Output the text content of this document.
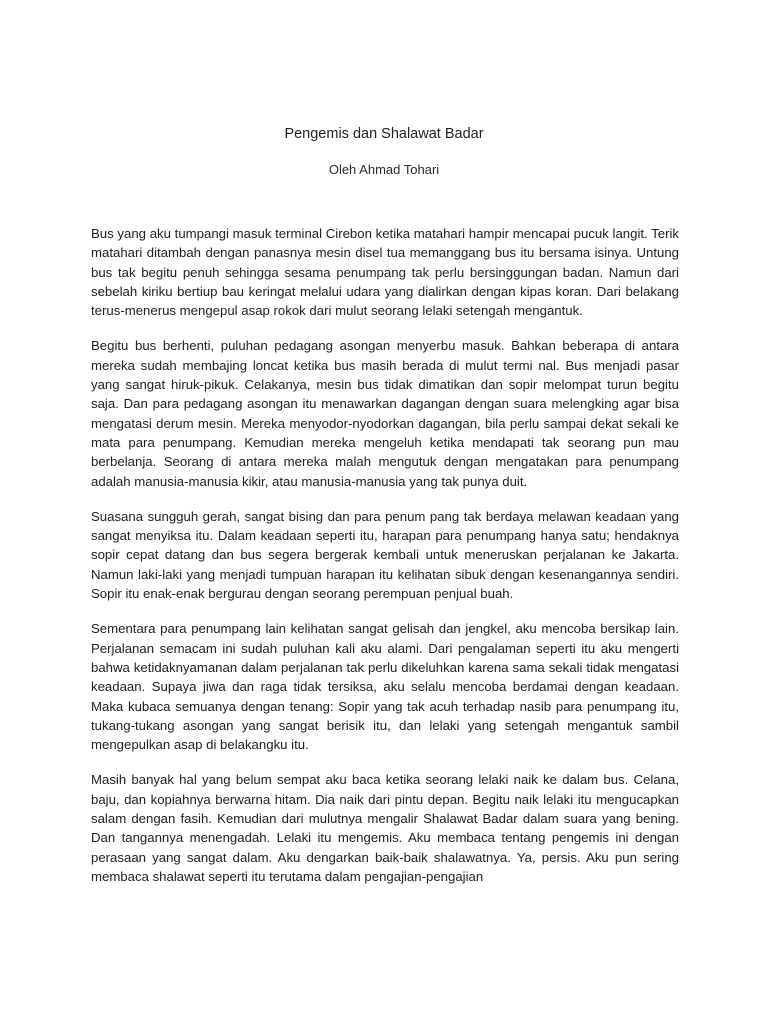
Pengemis dan Shalawat Badar
Oleh Ahmad Tohari

Bus yang aku tumpangi masuk terminal Cirebon ketika matahari hampir mencapai pucuk langit. Terik matahari ditambah dengan panasnya mesin disel tua memanggang bus itu bersama isinya. Untung bus tak begitu penuh sehingga sesama penumpang tak perlu bersinggungan badan. Namun dari sebelah kiriku bertiup bau keringat melalui udara yang dialirkan dengan kipas koran. Dari belakang terus-menerus mengepul asap rokok dari mulut seorang lelaki setengah mengantuk.

Begitu bus berhenti, puluhan pedagang asongan menyerbu masuk. Bahkan beberapa di antara mereka sudah membajing loncat ketika bus masih berada di mulut termi nal. Bus menjadi pasar yang sangat hiruk-pikuk. Celakanya, mesin bus tidak dimatikan dan sopir melompat turun begitu saja. Dan para pedagang asongan itu menawarkan dagangan dengan suara melengking agar bisa mengatasi derum mesin. Mereka menyodor-nyodorkan dagangan, bila perlu sampai dekat sekali ke mata para penumpang. Kemudian mereka mengeluh ketika mendapati tak seorang pun mau berbelanja. Seorang di antara mereka malah mengutuk dengan mengatakan para penumpang adalah manusia-manusia kikir, atau manusia-manusia yang tak punya duit.

Suasana sungguh gerah, sangat bising dan para penum pang tak berdaya melawan keadaan yang sangat menyiksa itu. Dalam keadaan seperti itu, harapan para penumpang hanya satu; hendaknya sopir cepat datang dan bus segera bergerak kembali untuk meneruskan perjalanan ke Jakarta. Namun laki-laki yang menjadi tumpuan harapan itu kelihatan sibuk dengan kesenangannya sendiri. Sopir itu enak-enak bergurau dengan seorang perempuan penjual buah.

Sementara para penumpang lain kelihatan sangat gelisah dan jengkel, aku mencoba bersikap lain. Perjalanan semacam ini sudah puluhan kali aku alami. Dari pengalaman seperti itu aku mengerti bahwa ketidaknyamanan dalam perjalanan tak perlu dikeluhkan karena sama sekali tidak mengatasi keadaan. Supaya jiwa dan raga tidak tersiksa, aku selalu mencoba berdamai dengan keadaan. Maka kubaca semuanya dengan tenang: Sopir yang tak acuh terhadap nasib para penumpang itu, tukang-tukang asongan yang sangat berisik itu, dan lelaki yang setengah mengantuk sambil mengepulkan asap di belakangku itu.

Masih banyak hal yang belum sempat aku baca ketika seorang lelaki naik ke dalam bus. Celana, baju, dan kopiahnya berwarna hitam. Dia naik dari pintu depan. Begitu naik lelaki itu mengucapkan salam dengan fasih. Kemudian dari mulutnya mengalir Shalawat Badar dalam suara yang bening. Dan tangannya menengadah. Lelaki itu mengemis. Aku membaca tentang pengemis ini dengan perasaan yang sangat dalam. Aku dengarkan baik-baik shalawatnya. Ya, persis. Aku pun sering membaca shalawat seperti itu terutama dalam pengajian-pengajian
